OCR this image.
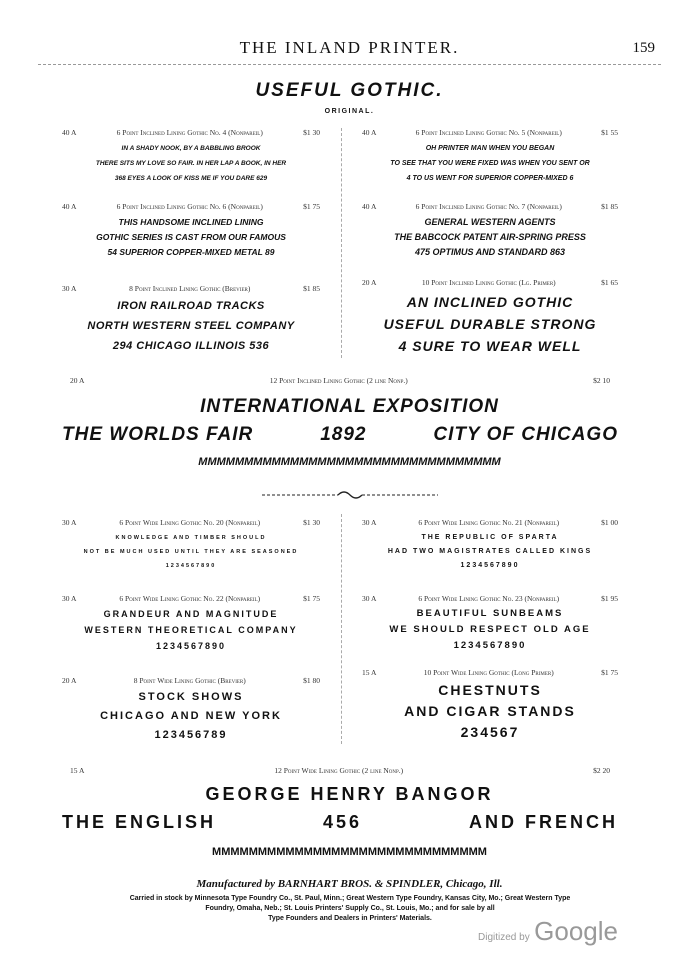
THE INLAND PRINTER.	159
USEFUL GOTHIC.
ORIGINAL.
40 A	6 Point Inclined Lining Gothic No. 4 (Nonpareil)	$1 30
IN A SHADY NOOK, BY A BABBLING BROOK
THERE SITS MY LOVE SO FAIR. IN HER LAP A BOOK, IN HER
368 EYES A LOOK OF KISS ME IF YOU DARE 629
40 A	6 Point Inclined Lining Gothic No. 5 (Nonpareil)	$1 55
OH PRINTER MAN WHEN YOU BEGAN
TO SEE THAT YOU WERE FIXED WAS WHEN YOU SENT OR
4 TO US WENT FOR SUPERIOR COPPER-MIXED 6
40 A	6 Point Inclined Lining Gothic No. 6 (Nonpareil)	$1 75
THIS HANDSOME INCLINED LINING
GOTHIC SERIES IS CAST FROM OUR FAMOUS
54 SUPERIOR COPPER-MIXED METAL 89
40 A	6 Point Inclined Lining Gothic No. 7 (Nonpareil)	$1 85
GENERAL WESTERN AGENTS
THE BABCOCK PATENT AIR-SPRING PRESS
475 OPTIMUS AND STANDARD 863
30 A	8 Point Inclined Lining Gothic (Brevier)	$1 85
IRON RAILROAD TRACKS
NORTH WESTERN STEEL COMPANY
294 CHICAGO ILLINOIS 536
20 A	10 Point Inclined Lining Gothic (Lg. Primer)	$1 65
AN INCLINED GOTHIC
USEFUL DURABLE STRONG
4 SURE TO WEAR WELL
20 A	12 Point Inclined Lining Gothic (2 line Nonp.)	$2 10
INTERNATIONAL EXPOSITION
THE WORLDS FAIR	1892	CITY OF CHICAGO
MMMMMMMMMMMMMMMMMMMMMMMMMMMMMMMMM
30 A	6 Point Wide Lining Gothic No. 20 (Nonpareil)	$1 30
KNOWLEDGE AND TIMBER SHOULD
NOT BE MUCH USED UNTIL THEY ARE SEASONED
1234567890
30 A	6 Point Wide Lining Gothic No. 21 (Nonpareil)	$1 00
THE REPUBLIC OF SPARTA
HAD TWO MAGISTRATES CALLED KINGS
1234567890
30 A	6 Point Wide Lining Gothic No. 22 (Nonpareil)	$1 75
GRANDEUR AND MAGNITUDE
WESTERN THEORETICAL COMPANY
1234567890
30 A	6 Point Wide Lining Gothic No. 23 (Nonpareil)	$1 95
BEAUTIFUL SUNBEAMS
WE SHOULD RESPECT OLD AGE
1234567890
20 A	8 Point Wide Lining Gothic (Brevier)	$1 80
STOCK SHOWS
CHICAGO AND NEW YORK
123456789
15 A	10 Point Wide Lining Gothic (Long Primer)	$1 75
CHESTNUTS
AND CIGAR STANDS
234567
15 A	12 Point Wide Lining Gothic (2 line Nonp.)	$2 20
GEORGE HENRY BANGOR
THE ENGLISH	456	AND FRENCH
MMMMMMMMMMMMMMMMMMMMMMMMMMMMMM
Manufactured by BARNHART BROS. & SPINDLER, Chicago, Ill.
Carried in stock by Minnesota Type Foundry Co., St. Paul, Minn.; Great Western Type Foundry, Kansas City, Mo.; Great Western Type
Foundry, Omaha, Neb.; St. Louis Printers' Supply Co., St. Louis, Mo.; and for sale by all
Type Founders and Dealers in Printers' Materials.
Digitized by Google
